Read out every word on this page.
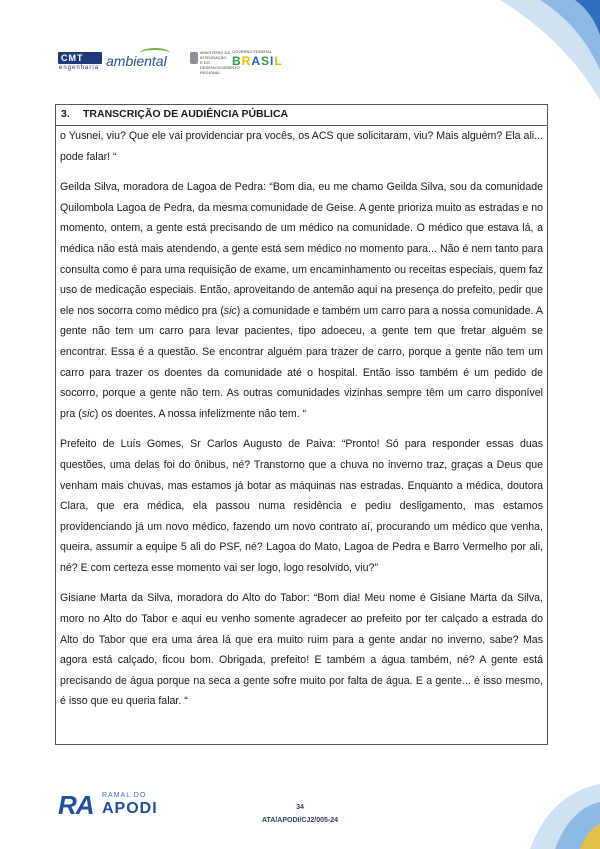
CMT
engenharia ambiental
MINISTÉRIO DA INTEGRAÇÃO E DO DESENVOLVIMENTO REGIONAL
GOVERNO FEDERAL
BRASIL
3. TRANSCRIÇÃO DE AUDIÊNCIA PÚBLICA

o Yusnei, viu? Que ele vai providenciar pra vocês, os ACS que solicitaram, viu? Mais alguém? Ela ali... pode falar! “

Geilda Silva, moradora de Lagoa de Pedra: “Bom dia, eu me chamo Geilda Silva, sou da comunidade Quilombola Lagoa de Pedra, da mesma comunidade de Geise. A gente prioriza muito as estradas e no momento, ontem, a gente está precisando de um médico na comunidade. O médico que estava lá, a médica não está mais atendendo, a gente está sem médico no momento para... Não é nem tanto para consulta como é para uma requisição de exame, um encaminhamento ou receitas especiais, quem faz uso de medicação especiais. Então, aproveitando de antemão aqui na presença do prefeito, pedir que ele nos socorra como médico pra (sic) a comunidade e também um carro para a nossa comunidade. A gente não tem um carro para levar pacientes, tipo adoeceu, a gente tem que fretar alguém se encontrar. Essa é a questão. Se encontrar alguém para trazer de carro, porque a gente não tem um carro para trazer os doentes da comunidade até o hospital. Então isso também é um pedido de socorro, porque a gente não tem. As outras comunidades vizinhas sempre têm um carro disponível pra (sic) os doentes. A nossa infelizmente não tem. “

Prefeito de Luís Gomes, Sr Carlos Augusto de Paiva: “Pronto! Só para responder essas duas questões, uma delas foi do ônibus, né? Transtorno que a chuva no inverno traz, graças a Deus que venham mais chuvas, mas estamos já botar as máquinas nas estradas. Enquanto a médica, doutora Clara, que era médica, ela passou numa residência e pediu desligamento, mas estamos providenciando já um novo médico, fazendo um novo contrato aí, procurando um médico que venha, queira, assumir a equipe 5 ali do PSF, né? Lagoa do Mato, Lagoa de Pedra e Barro Vermelho por ali, né? E com certeza esse momento vai ser logo, logo resolvido, viu?”

Gisiane Marta da Silva, moradora do Alto do Tabor: “Bom dia! Meu nome é Gisiane Marta da Silva, moro no Alto do Tabor e aqui eu venho somente agradecer ao prefeito por ter calçado a estrada do Alto do Tabor que era uma área lá que era muito ruim para a gente andar no inverno, sabe? Mas agora está calçado, ficou bom. Obrigada, prefeito! E também a água também, né? A gente está precisando de água porque na seca a gente sofre muito por falta de água. E a gente... é isso mesmo, é isso que eu queria falar. “

RA RAMAL DO
APODI	34
ATA/APODI/CJ2/005-24
